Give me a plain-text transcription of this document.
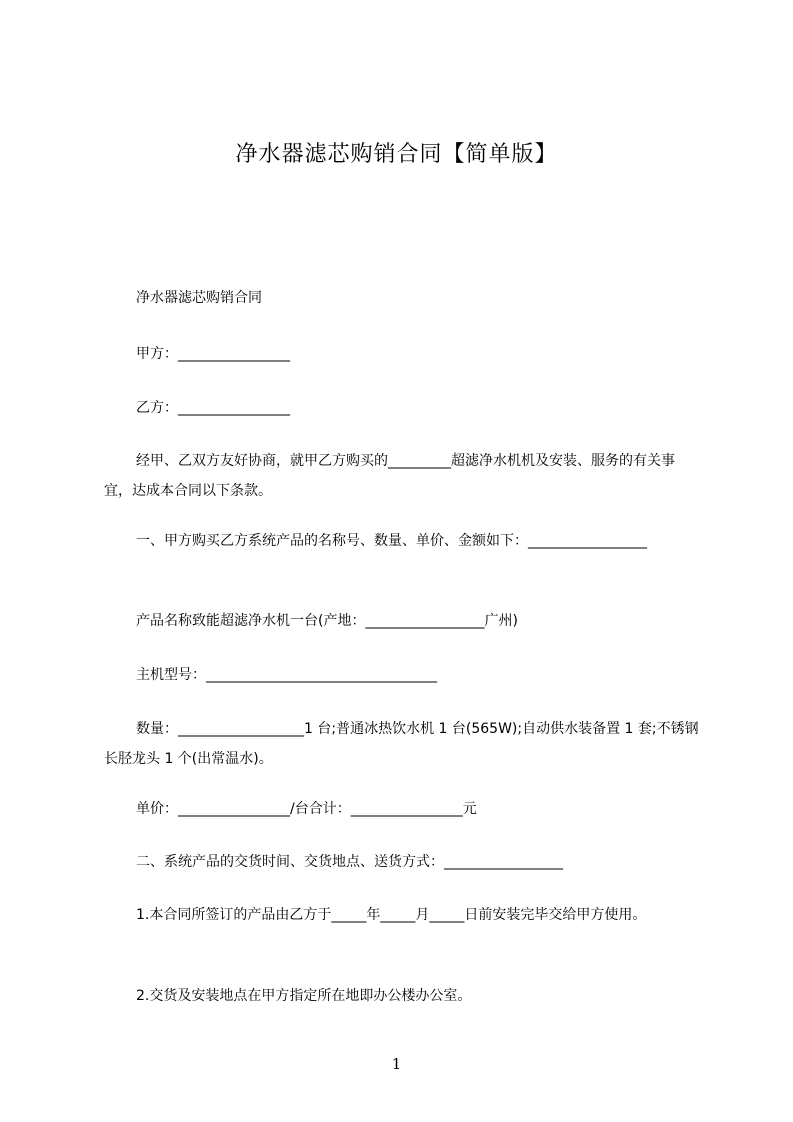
净水器滤芯购销合同【简单版】
净水器滤芯购销合同
甲方：________________
乙方：________________
经甲、乙双方友好协商，就甲乙方购买的_________超滤净水机机及安装、服务的有关事宜，达成本合同以下条款。
一、甲方购买乙方系统产品的名称号、数量、单价、金额如下：_________________
产品名称致能超滤净水机一台(产地：_________________广州)
主机型号：_________________________________
数量：__________________1 台;普通冰热饮水机 1 台(565W);自动供水装备置 1 套;不锈钢长胫龙头 1 个(出常温水)。
单价：________________/台合计：________________元
二、系统产品的交货时间、交货地点、送货方式：_________________
1.本合同所签订的产品由乙方于_____年_____月_____日前安装完毕交给甲方使用。
2.交货及安装地点在甲方指定所在地即办公楼办公室。
1
